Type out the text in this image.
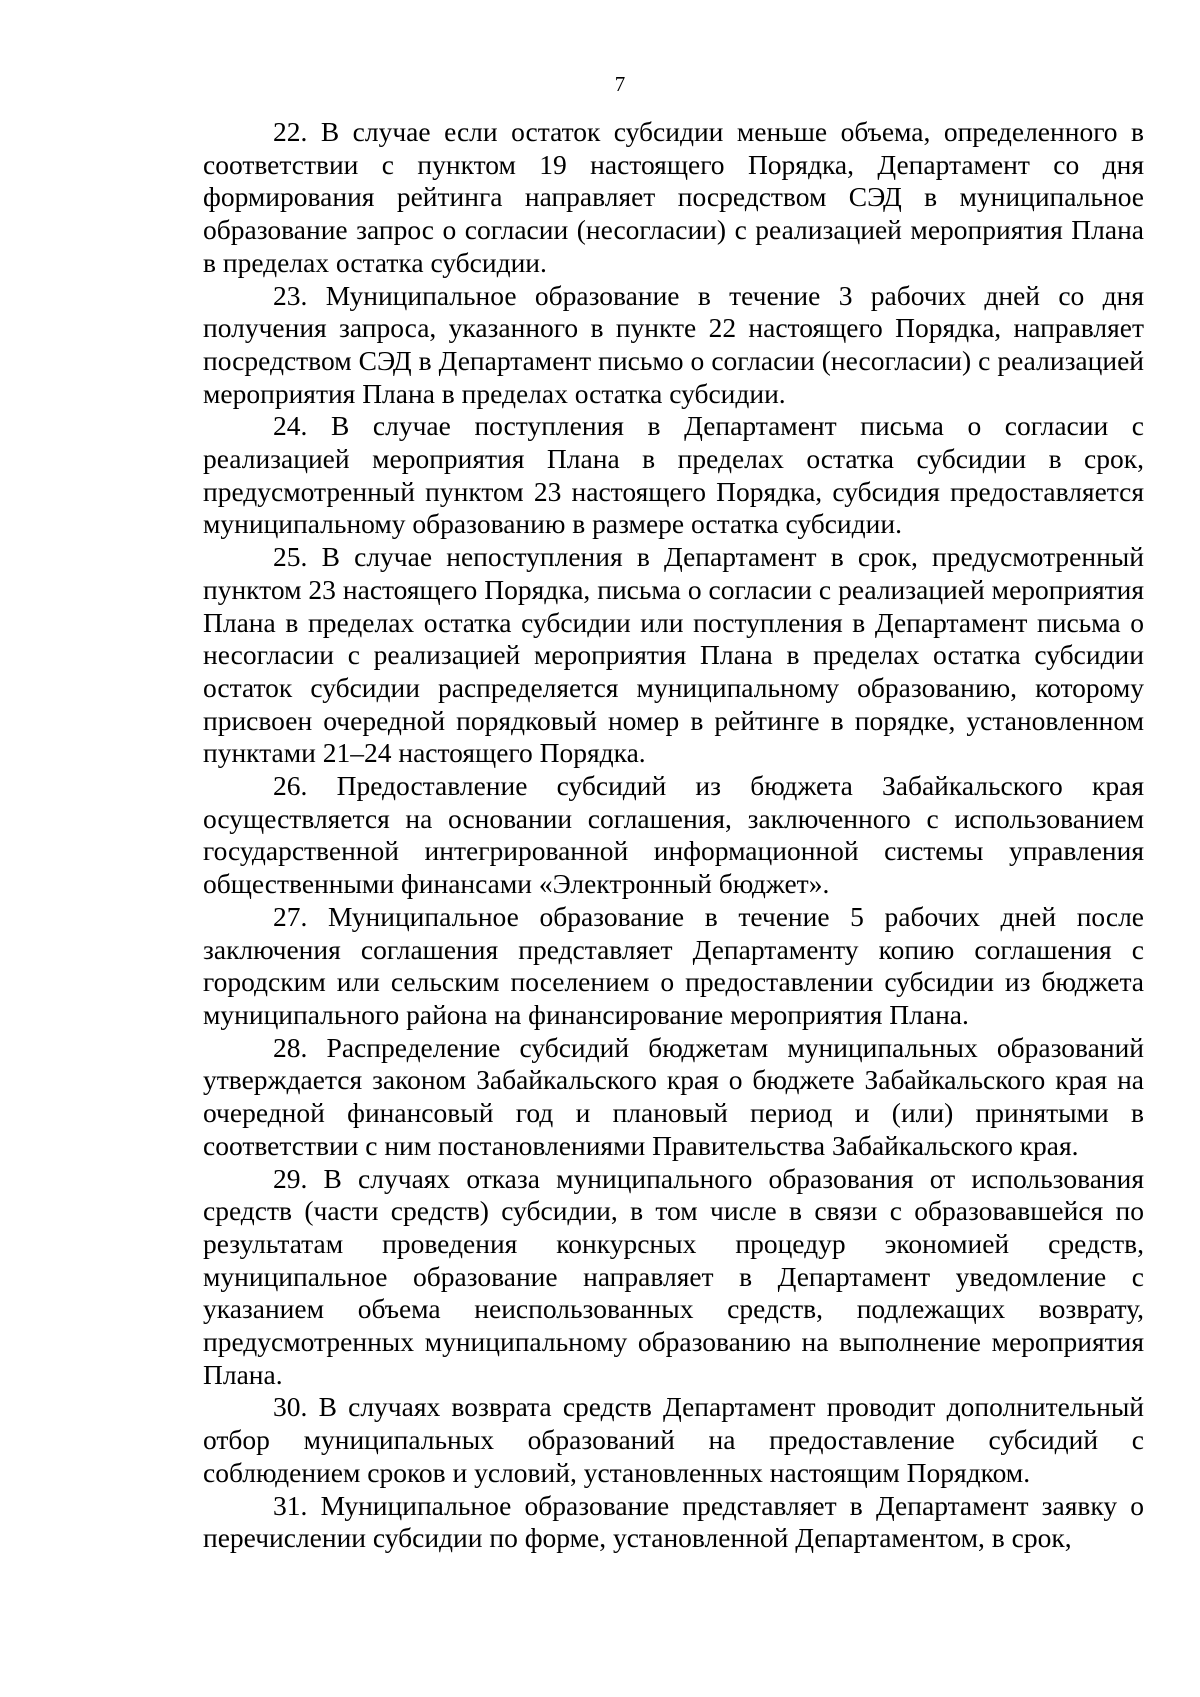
7

22. В случае если остаток субсидии меньше объема, определенного в соответствии с пунктом 19 настоящего Порядка, Департамент со дня формирования рейтинга направляет посредством СЭД в муниципальное образование запрос о согласии (несогласии) с реализацией мероприятия Плана в пределах остатка субсидии.

23. Муниципальное образование в течение 3 рабочих дней со дня получения запроса, указанного в пункте 22 настоящего Порядка, направляет посредством СЭД в Департамент письмо о согласии (несогласии) с реализацией мероприятия Плана в пределах остатка субсидии.

24. В случае поступления в Департамент письма о согласии с реализацией мероприятия Плана в пределах остатка субсидии в срок, предусмотренный пунктом 23 настоящего Порядка, субсидия предоставляется муниципальному образованию в размере остатка субсидии.

25. В случае непоступления в Департамент в срок, предусмотренный пунктом 23 настоящего Порядка, письма о согласии с реализацией мероприятия Плана в пределах остатка субсидии или поступления в Департамент письма о несогласии с реализацией мероприятия Плана в пределах остатка субсидии остаток субсидии распределяется муниципальному образованию, которому присвоен очередной порядковый номер в рейтинге в порядке, установленном пунктами 21–24 настоящего Порядка.

26. Предоставление субсидий из бюджета Забайкальского края осуществляется на основании соглашения, заключенного с использованием государственной интегрированной информационной системы управления общественными финансами «Электронный бюджет».

27. Муниципальное образование в течение 5 рабочих дней после заключения соглашения представляет Департаменту копию соглашения с городским или сельским поселением о предоставлении субсидии из бюджета муниципального района на финансирование мероприятия Плана.

28. Распределение субсидий бюджетам муниципальных образований утверждается законом Забайкальского края о бюджете Забайкальского края на очередной финансовый год и плановый период и (или) принятыми в соответствии с ним постановлениями Правительства Забайкальского края.

29. В случаях отказа муниципального образования от использования средств (части средств) субсидии, в том числе в связи с образовавшейся по результатам проведения конкурсных процедур экономией средств, муниципальное образование направляет в Департамент уведомление с указанием объема неиспользованных средств, подлежащих возврату, предусмотренных муниципальному образованию на выполнение мероприятия Плана.

30. В случаях возврата средств Департамент проводит дополнительный отбор муниципальных образований на предоставление субсидий с соблюдением сроков и условий, установленных настоящим Порядком.

31. Муниципальное образование представляет в Департамент заявку о перечислении субсидии по форме, установленной Департаментом, в срок,
